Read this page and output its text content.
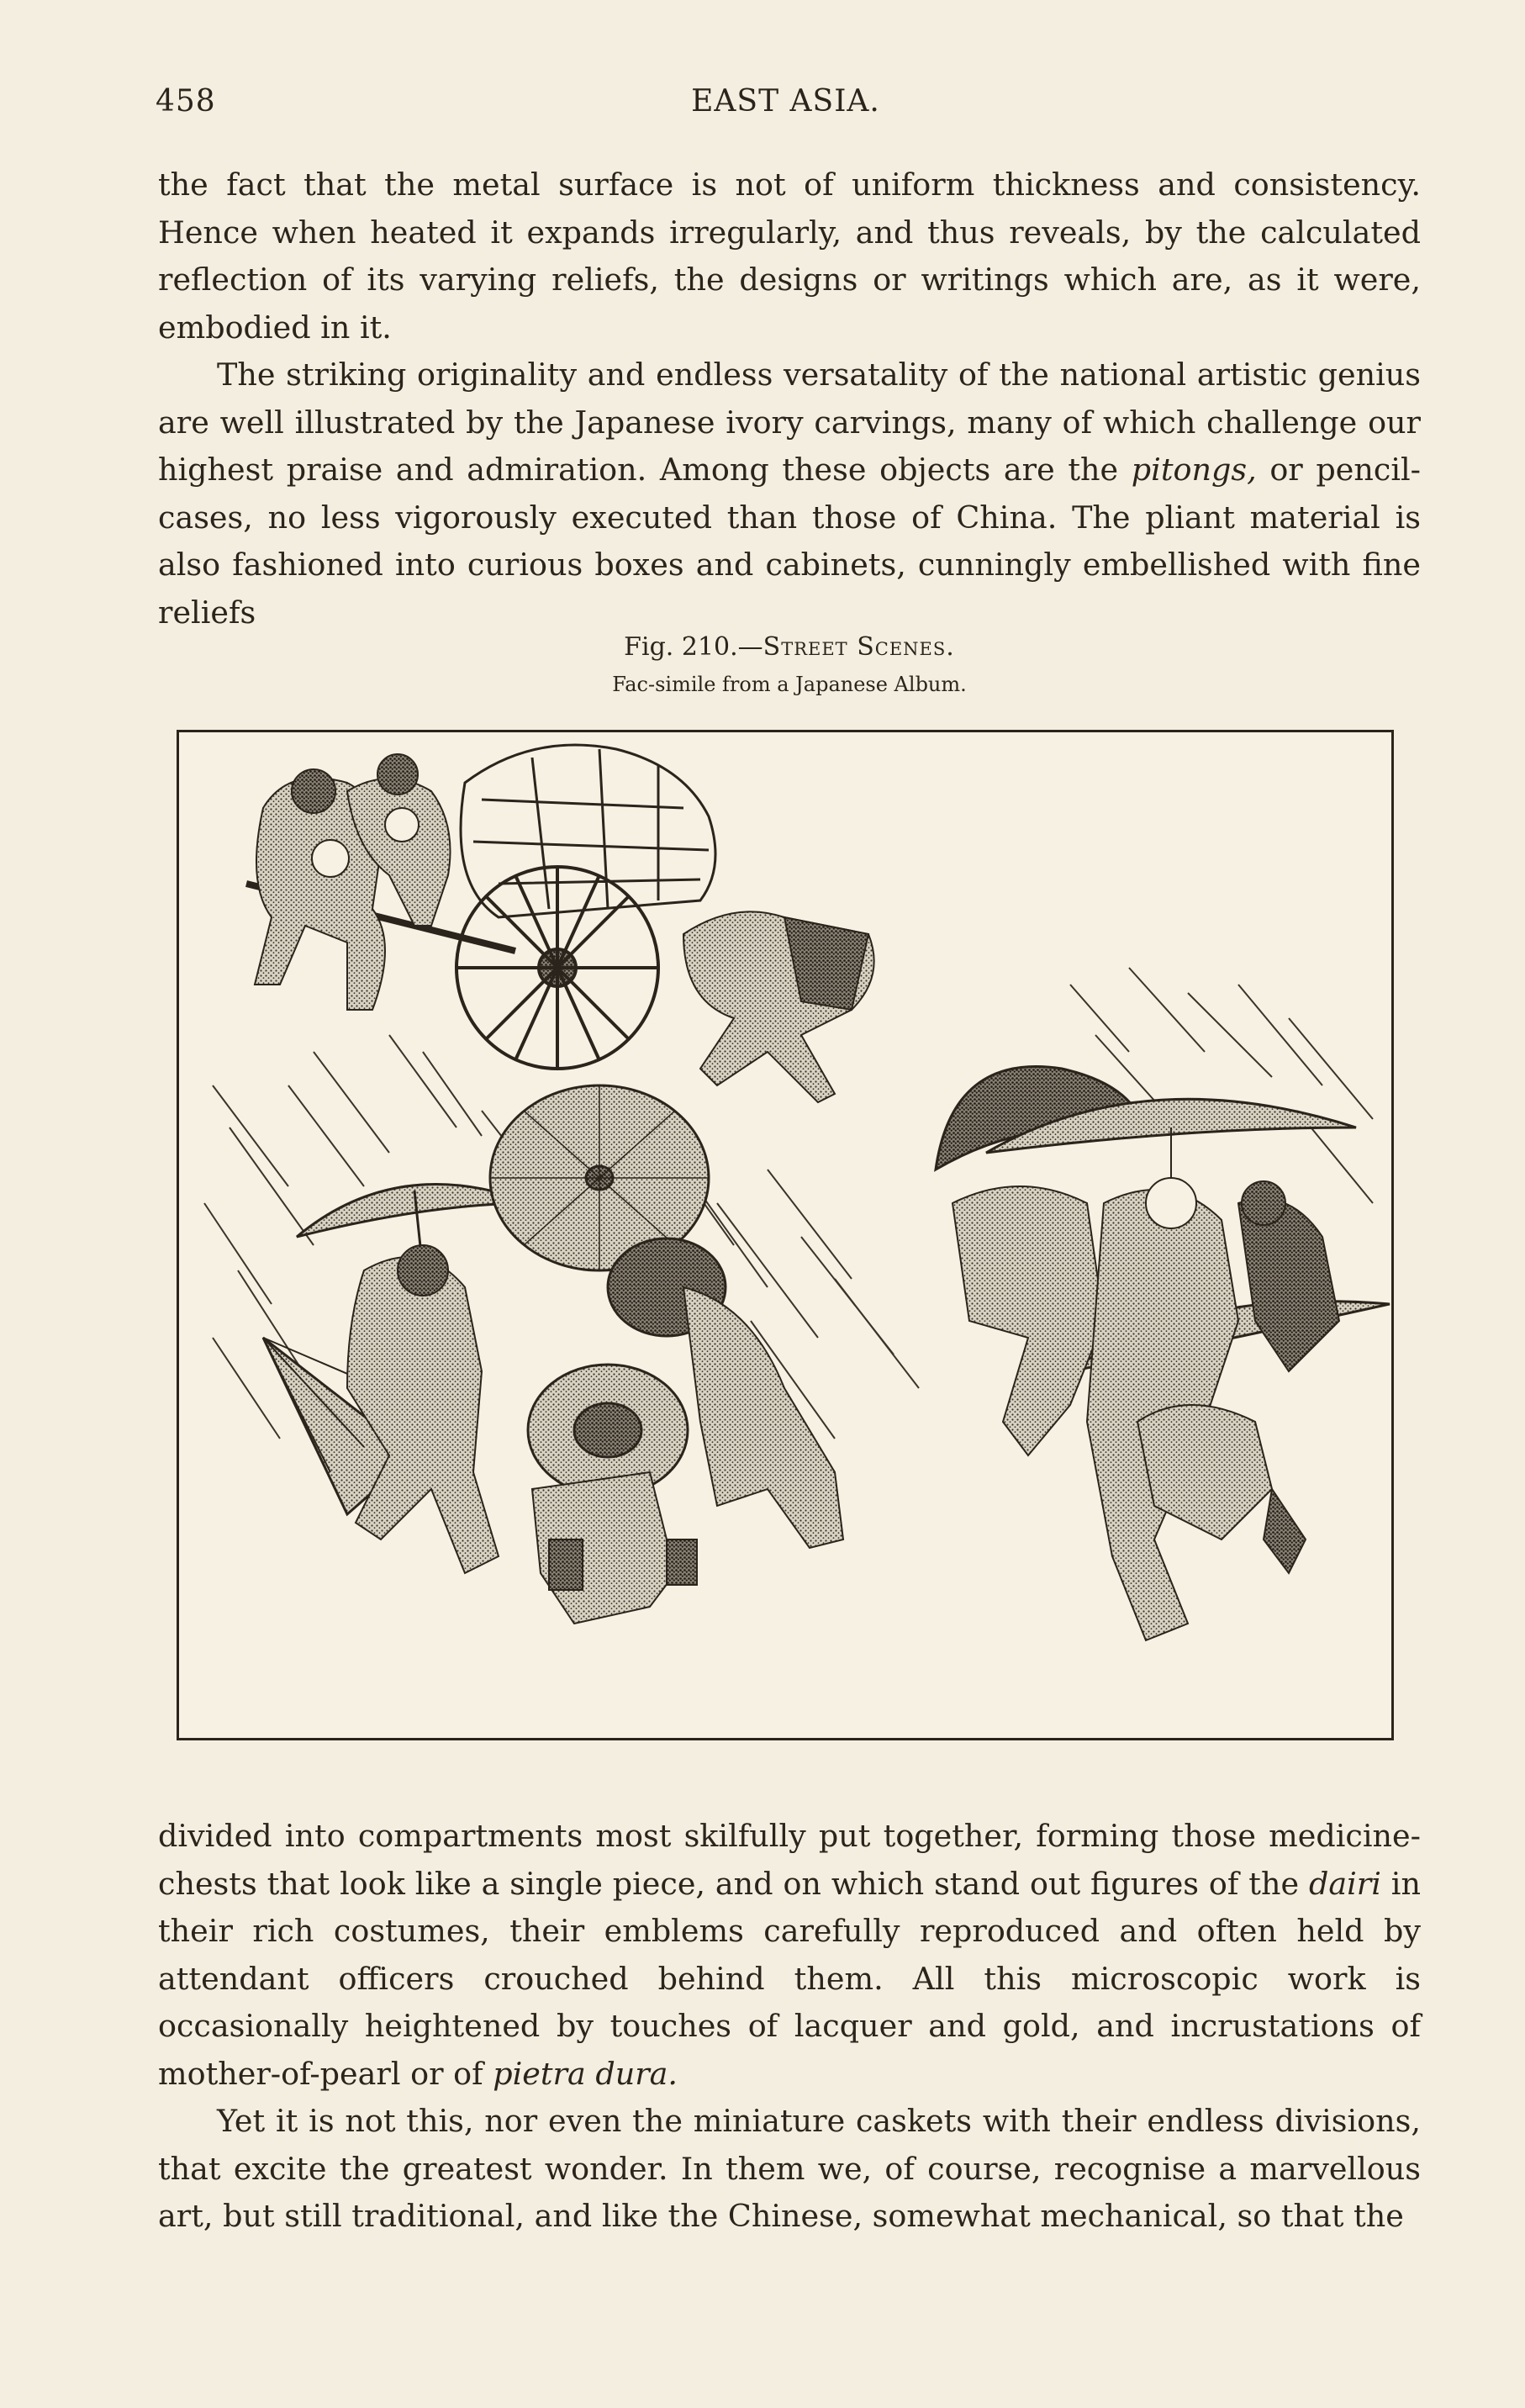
458	EAST ASIA.

the fact that the metal surface is not of uniform thickness and consistency. Hence when heated it expands irregularly, and thus reveals, by the calculated reflection of its varying reliefs, the designs or writings which are, as it were, embodied in it.

The striking originality and endless versatality of the national artistic genius are well illustrated by the Japanese ivory carvings, many of which challenge our highest praise and admiration. Among these objects are the pitongs, or pencil-cases, no less vigorously executed than those of China. The pliant material is also fashioned into curious boxes and cabinets, cunningly embellished with fine reliefs

Fig. 210.—Street Scenes.
Fac-simile from a Japanese Album.

divided into compartments most skilfully put together, forming those medicine-chests that look like a single piece, and on which stand out figures of the dairi in their rich costumes, their emblems carefully reproduced and often held by attendant officers crouched behind them. All this microscopic work is occasionally heightened by touches of lacquer and gold, and incrustations of mother-of-pearl or of pietra dura.

Yet it is not this, nor even the miniature caskets with their endless divisions, that excite the greatest wonder. In them we, of course, recognise a marvellous art, but still traditional, and like the Chinese, somewhat mechanical, so that the
